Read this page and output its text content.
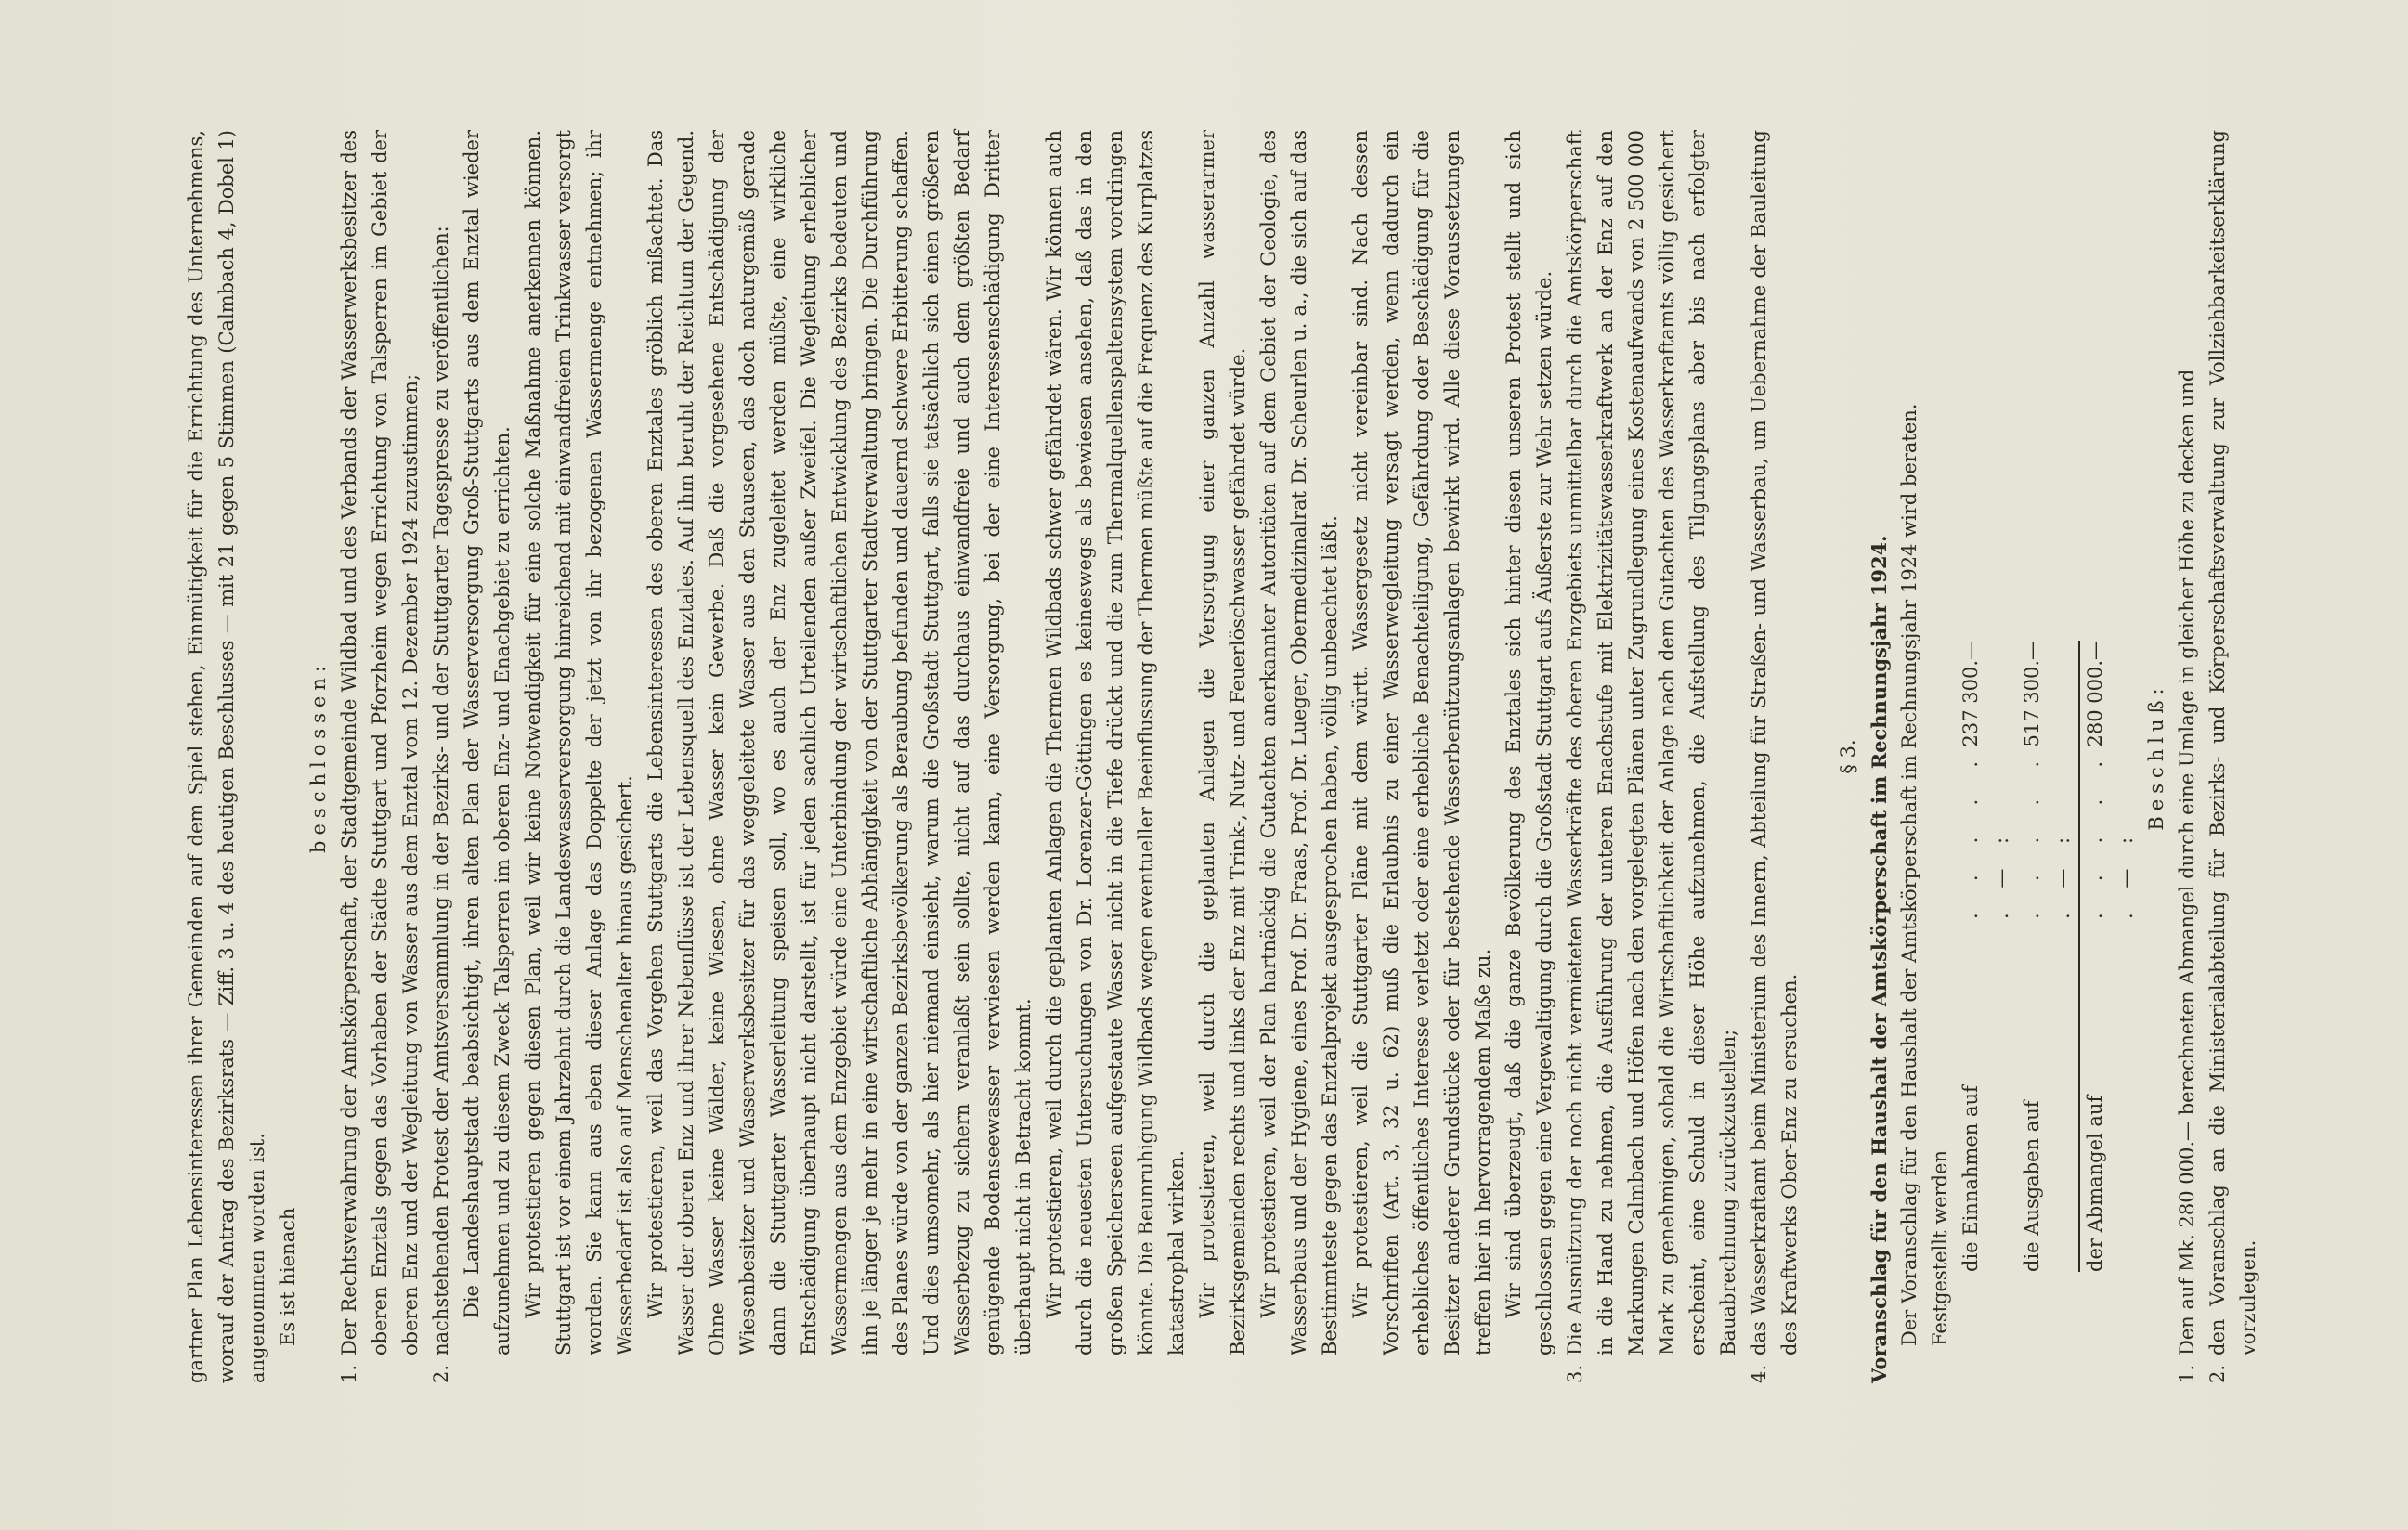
gartner Plan Lebensinteressen ihrer Gemeinden auf dem Spiel stehen, Einmütigkeit für die Errichtung des Unternehmens, worauf der Antrag des Bezirksrats — Ziff. 3 u. 4 des heutigen Beschlusses — mit 21 gegen 5 Stimmen (Calmbach 4, Dobel 1) angenommen worden ist. Es ist hienach

beschlossen:

1.
Der Rechtsverwahrung der Amtskörperschaft, der Stadtgemeinde Wildbad und des Verbands der Wasserwerksbesitzer des oberen Enztals gegen das Vorhaben der Städte Stuttgart und Pforzheim wegen Errichtung von Talsperren im Gebiet der oberen Enz und der Wegleitung von Wasser aus dem Enztal vom 12. Dezember 1924 zuzustimmen;
2.
nachstehenden Protest der Amtsversammlung in der Bezirks- und der Stuttgarter Tagespresse zu veröffentlichen: Die Landeshauptstadt beabsichtigt, ihren alten Plan der Wasserversorgung Groß-Stuttgarts aus dem Enztal wieder aufzunehmen und zu diesem Zweck Talsperren im oberen Enz- und Enachgebiet zu errichten. Wir protestieren gegen diesen Plan, weil wir keine Notwendigkeit für eine solche Maßnahme anerkennen können. Stuttgart ist vor einem Jahrzehnt durch die Landeswasserversorgung hinreichend mit einwandfreiem Trinkwasser versorgt worden. Sie kann aus eben dieser Anlage das Doppelte der jetzt von ihr bezogenen Wassermenge entnehmen; ihr Wasserbedarf ist also auf Menschenalter hinaus gesichert. Wir protestieren, weil das Vorgehen Stuttgarts die Lebensinteressen des oberen Enztales gröblich mißachtet. Das Wasser der oberen Enz und ihrer Nebenflüsse ist der Lebensquell des Enztales. Auf ihm beruht der Reichtum der Gegend. Ohne Wasser keine Wälder, keine Wiesen, ohne Wasser kein Gewerbe. Daß die vorgesehene Entschädigung der Wiesenbesitzer und Wasserwerksbesitzer für das weggeleitete Wasser aus den Stauseen, das doch naturgemäß gerade dann die Stuttgarter Wasserleitung speisen soll, wo es auch der Enz zugeleitet werden müßte, eine wirkliche Entschädigung überhaupt nicht darstellt, ist für jeden sachlich Urteilenden außer Zweifel. Die Wegleitung erheblicher Wassermengen aus dem Enzgebiet würde eine Unterbindung der wirtschaftlichen Entwicklung des Bezirks bedeuten und ihn je länger je mehr in eine wirtschaftliche Abhängigkeit von der Stuttgarter Stadtverwaltung bringen. Die Durchführung des Planes würde von der ganzen Bezirksbevölkerung als Beraubung befunden und dauernd schwere Erbitterung schaffen. Und dies umsomehr, als hier niemand einsieht, warum die Großstadt Stuttgart, falls sie tatsächlich sich einen größeren Wasserbezug zu sichern veranlaßt sein sollte, nicht auf das durchaus einwandfreie und auch dem größten Bedarf genügende Bodenseewasser verwiesen werden kann, eine Versorgung, bei der eine Interessenschädigung Dritter überhaupt nicht in Betracht kommt. Wir protestieren, weil durch die geplanten Anlagen die Thermen Wildbads schwer gefährdet wären. Wir können auch durch die neuesten Untersuchungen von Dr. Lorenzer-Göttingen es keineswegs als bewiesen ansehen, daß das in den großen Speicherseen aufgestaute Wasser nicht in die Tiefe drückt und die zum Thermalquellenspaltensystem vordringen könnte. Die Beunruhigung Wildbads wegen eventueller Beeinflussung der Thermen müßte auf die Frequenz des Kurplatzes katastrophal wirken. Wir protestieren, weil durch die geplanten Anlagen die Versorgung einer ganzen Anzahl wasserarmer Bezirksgemeinden rechts und links der Enz mit Trink-, Nutz- und Feuerlöschwasser gefährdet würde. Wir protestieren, weil der Plan hartnäckig die Gutachten anerkannter Autoritäten auf dem Gebiet der Geologie, des Wasserbaus und der Hygiene, eines Prof. Dr. Fraas, Prof. Dr. Lueger, Obermedizinalrat Dr. Scheurlen u. a., die sich auf das Bestimmteste gegen das Enztalprojekt ausgesprochen haben, völlig unbeachtet läßt. Wir protestieren, weil die Stuttgarter Pläne mit dem württ. Wassergesetz nicht vereinbar sind. Nach dessen Vorschriften (Art. 3, 32 u. 62) muß die Erlaubnis zu einer Wasserwegleitung versagt werden, wenn dadurch ein erhebliches öffentliches Interesse verletzt oder eine erhebliche Benachteiligung, Gefährdung oder Beschädigung für die Besitzer anderer Grundstücke oder für bestehende Wasserbenützungsanlagen bewirkt wird. Alle diese Voraussetzungen treffen hier in hervorragendem Maße zu. Wir sind überzeugt, daß die ganze Bevölkerung des Enztales sich hinter diesen unseren Protest stellt und sich geschlossen gegen eine Vergewaltigung durch die Großstadt Stuttgart aufs Äußerste zur Wehr setzen würde.

3.
Die Ausnützung der noch nicht vermieteten Wasserkräfte des oberen Enzgebiets unmittelbar durch die Amtskörperschaft in die Hand zu nehmen, die Ausführung der unteren Enachstufe mit Elektrizitätswasserkraftwerk an der Enz auf den Markungen Calmbach und Höfen nach den vorgelegten Plänen unter Zugrundlegung eines Kostenaufwands von 2 500 000 Mark zu genehmigen, sobald die Wirtschaftlichkeit der Anlage nach dem Gutachten des Wasserkraftamts völlig gesichert erscheint, eine Schuld in dieser Höhe aufzunehmen, die Aufstellung des Tilgungsplans aber bis nach erfolgter Bauabrechnung zurückzustellen;
4.
das Wasserkraftamt beim Ministerium des Innern, Abteilung für Straßen- und Wasserbau, um Uebernahme der Bauleitung des Kraftwerks Ober-Enz zu ersuchen.

§ 3. Voranschlag für den Haushalt der Amtskörperschaft im Rechnungsjahr 1924. Der Voranschlag für den Haushalt der Amtskörperschaft im Rechnungsjahr 1924 wird beraten. Festgestellt werden die Einnahmen auf
. . . . . . — :
237 300.—
die Ausgaben auf
. . . . . . — :
517 300.—
der Abmangel auf
. . . . . . — :
280 000.—	Beschluß:

1.
Den auf Mk. 280 000.— berechneten Abmangel durch eine Umlage in gleicher Höhe zu decken und
2.
den Voranschlag an die Ministerialabteilung für Bezirks- und Körperschaftsverwaltung zur Vollziehbarkeitserklärung vorzulegen.
